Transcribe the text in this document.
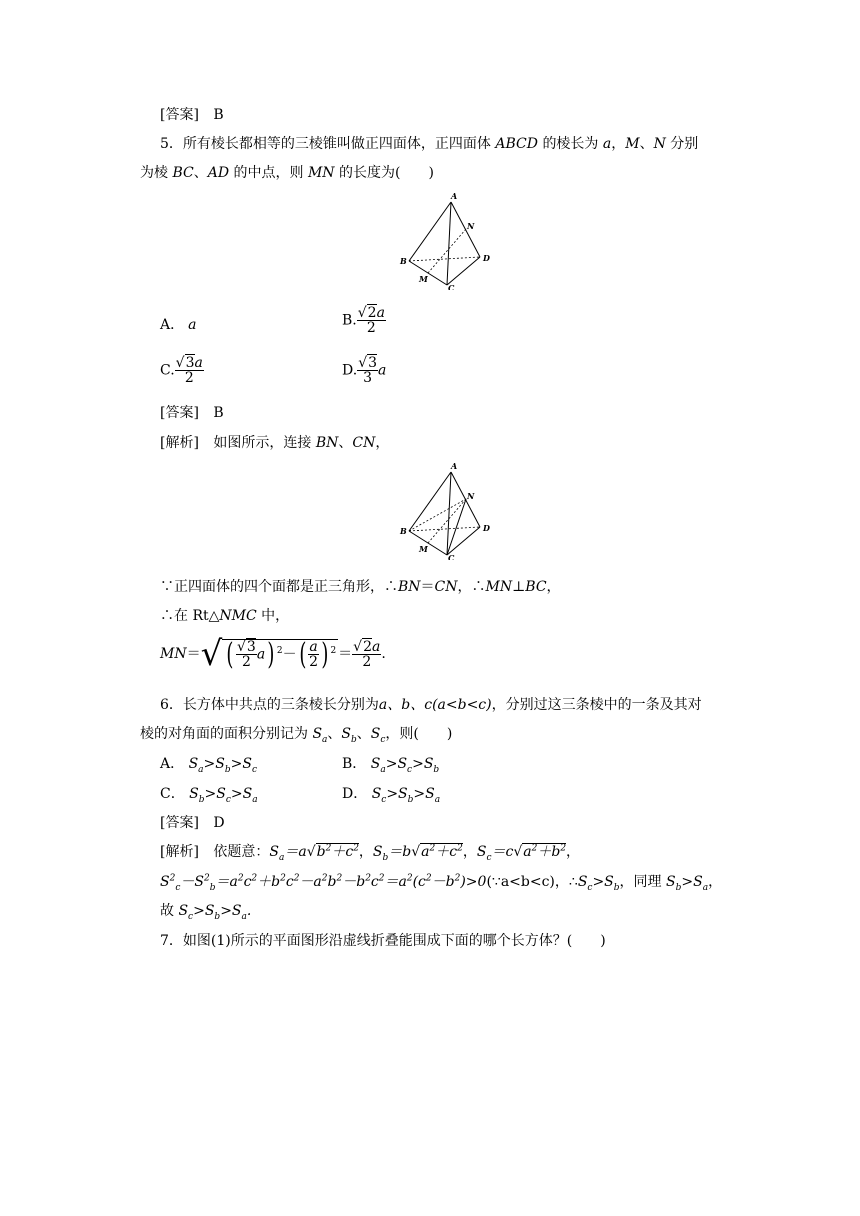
[答案] B
5．所有棱长都相等的三棱锥叫做正四面体，正四面体 ABCD 的棱长为 a，M、N 分别
为棱 BC、AD 的中点，则 MN 的长度为(　　)
A
B
C
D
M
N
A． a	B. $\frac{√2a}{2}$
C. $\frac{√3a}{2}$	D. $\frac{√3}{3}$ a
[答案] B
[解析] 如图所示，连接 BN、CN，
A
B
C
D
M
N
∵正四面体的四个面都是正三角形，∴BN＝CN，∴MN⊥BC，
∴在 Rt△NMC 中，
MN＝√ ( $\frac{√3}{2} a$) $^2-( \frac{a}{2}$ ) $^2 = \frac{√2a}{2}$ .
6．长方体中共点的三条棱长分别为a、b、c(a<b<c)，分别过这三条棱中的一条及其对
棱的对角面的面积分别记为 $S_a$、$S_b$、$S_c$，则(　　)
A． $S_a>S_b>S_c$	B． $S_a>S_c>S_b$
C． $S_b>S_c>S_a$	D． $S_c>S_b>S_a$
[答案] D
[解析] 依题意：$S_a=a√b^2+c^2$，$S_b=b√a^2+c^2$，$S_c=c√a^2+b^2$，
$S^2_c-S^2_b=a^2c^2+b^2c^2-a^2b^2-b^2c^2=a^2(c^2-b^2)>0(\because a<b<c)$，$\therefore S_c>S_b$，同理 $S_b>S_a$，
故 $S_c>S_b>S_a$.
7．如图(1)所示的平面图形沿虚线折叠能围成下面的哪个长方体？(　　)
